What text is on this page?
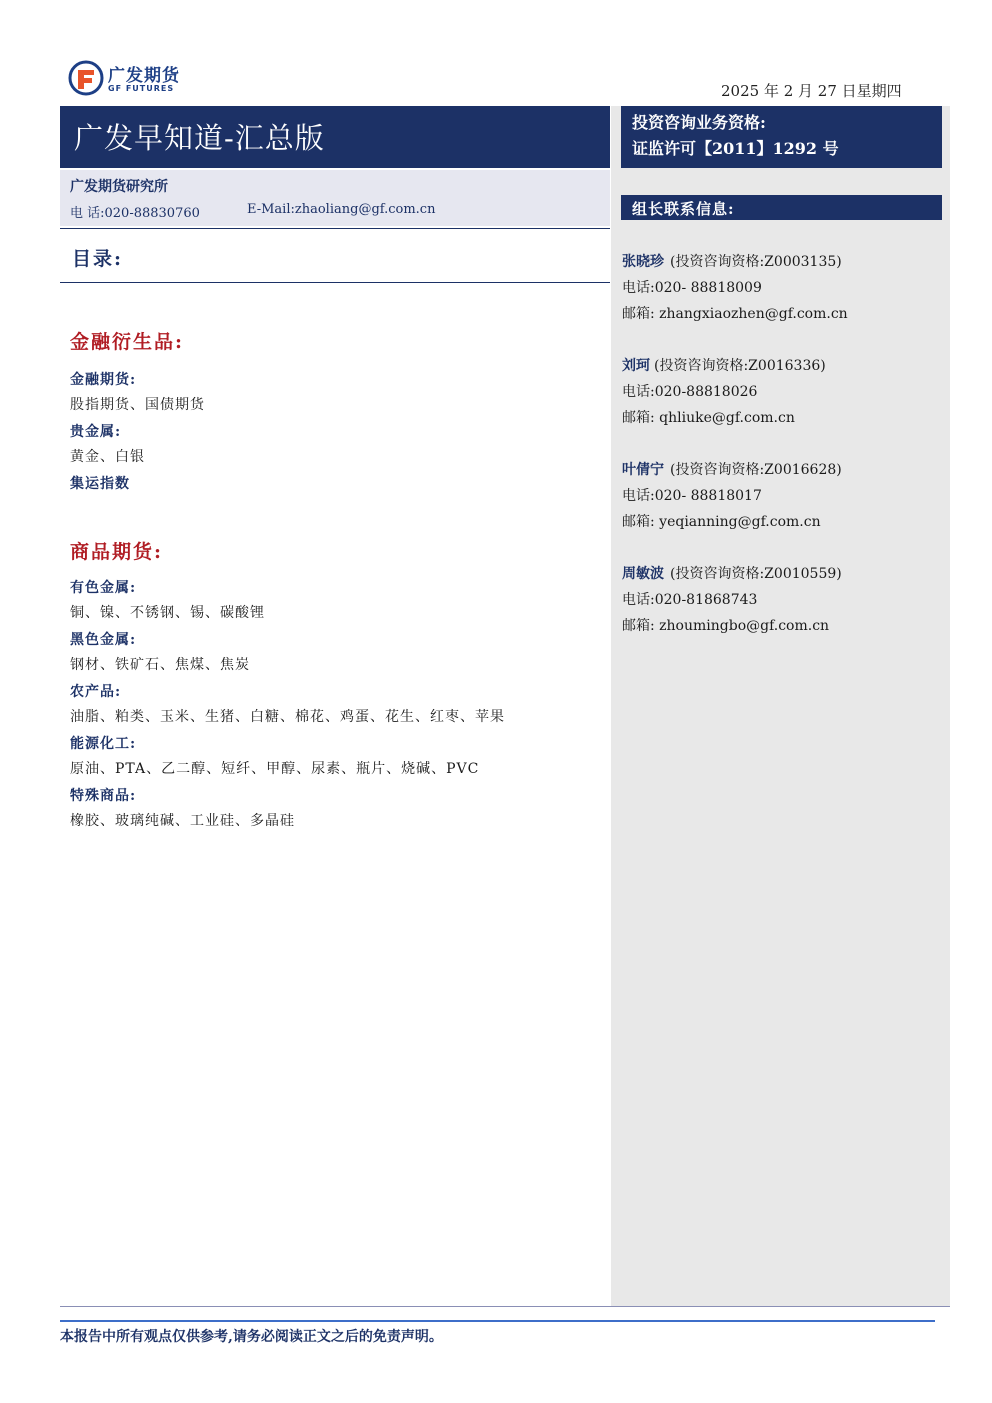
广发期货
GF FUTURES	2025 年 2 月 27 日星期四
广发早知道-汇总版	投资咨询业务资格:
证监许可【2011】1292 号
广发期货研究所
电 话:020-88830760	E-Mail:zhaoliang@gf.com.cn
目录:
金融衍生品:
金融期货:
股指期货、国债期货
贵金属:
黄金、白银
集运指数
商品期货:
有色金属:
铜、镍、不锈钢、锡、碳酸锂
黑色金属:
钢材、铁矿石、焦煤、焦炭
农产品:
油脂、粕类、玉米、生猪、白糖、棉花、鸡蛋、花生、红枣、苹果
能源化工:
原油、PTA、乙二醇、短纤、甲醇、尿素、瓶片、烧碱、PVC
特殊商品:
橡胶、玻璃纯碱、工业硅、多晶硅
组长联系信息:
张晓珍 (投资咨询资格:Z0003135)
电话:020- 88818009
邮箱: zhangxiaozhen@gf.com.cn
刘珂 (投资咨询资格:Z0016336)
电话:020-88818026
邮箱: qhliuke@gf.com.cn
叶倩宁 (投资咨询资格:Z0016628)
电话:020- 88818017
邮箱: yeqianning@gf.com.cn
周敏波 (投资咨询资格:Z0010559)
电话:020-81868743
邮箱: zhoumingbo@gf.com.cn
本报告中所有观点仅供参考,请务必阅读正文之后的免责声明。
